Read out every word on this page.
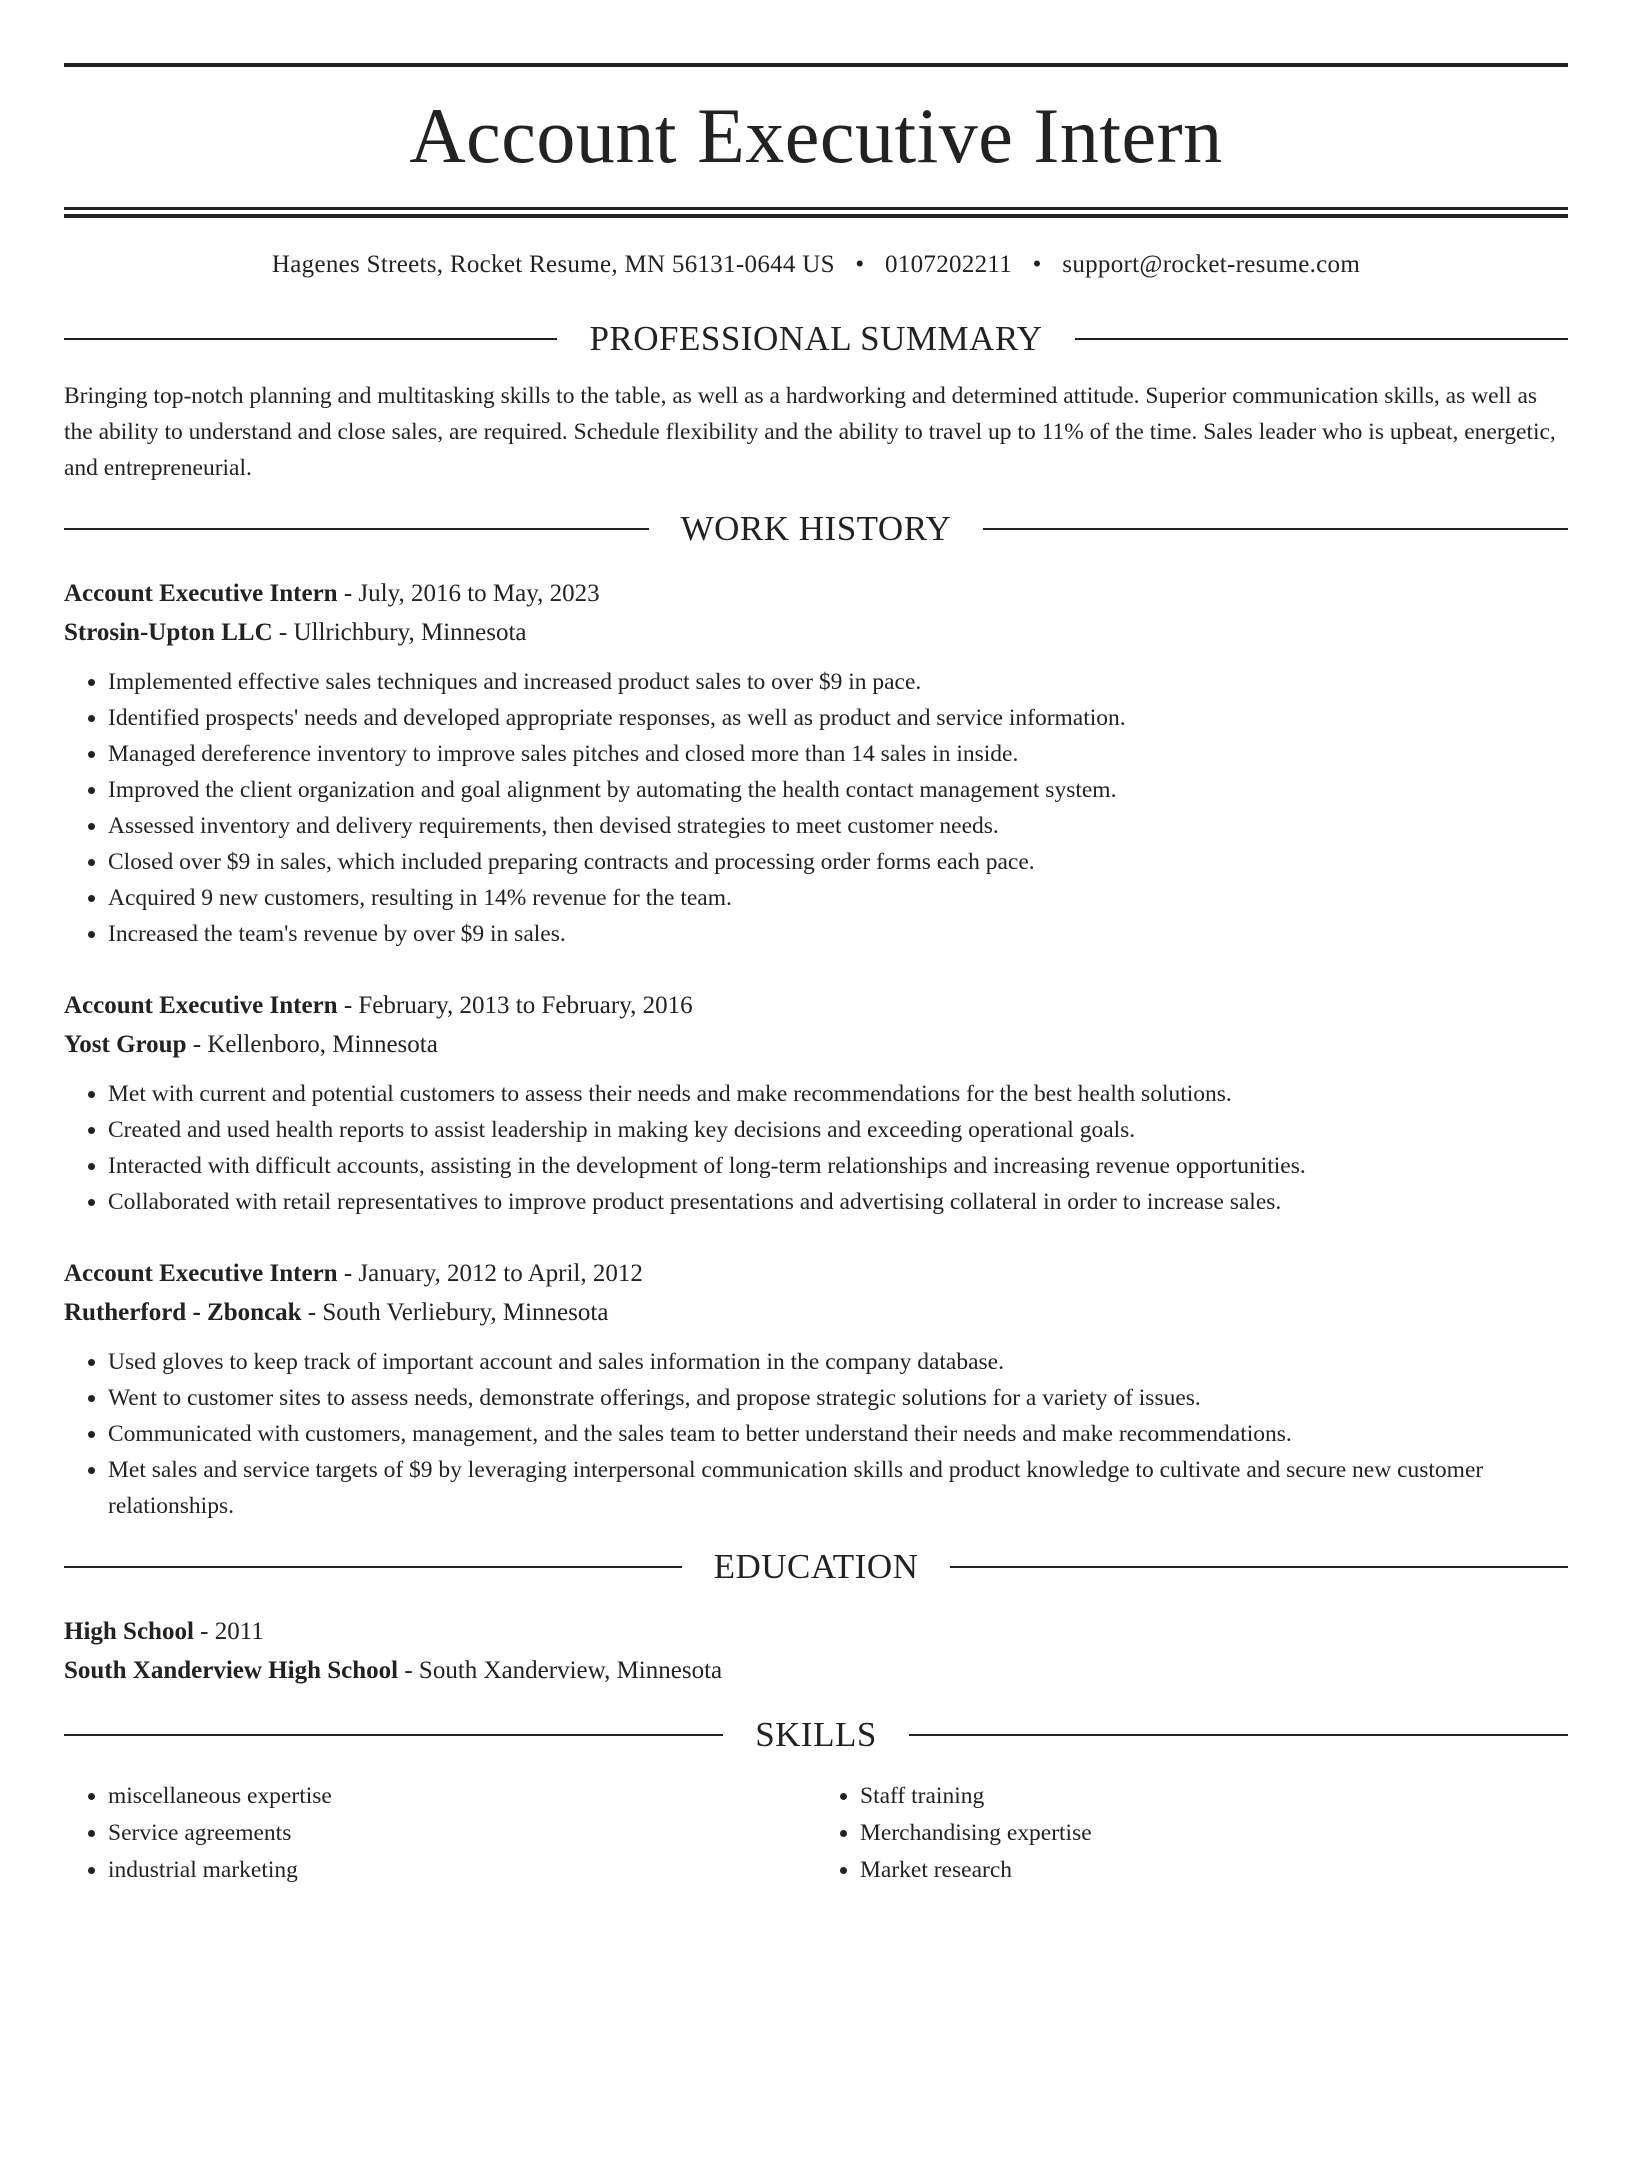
Account Executive Intern
Hagenes Streets, Rocket Resume, MN 56131-0644 US • 0107202211 • support@rocket-resume.com
PROFESSIONAL SUMMARY

Bringing top-notch planning and multitasking skills to the table, as well as a hardworking and determined attitude. Superior communication skills, as well as the ability to understand and close sales, are required. Schedule flexibility and the ability to travel up to 11% of the time. Sales leader who is upbeat, energetic, and entrepreneurial.

WORK HISTORY
Account Executive Intern - July, 2016 to May, 2023
Strosin-Upton LLC - Ullrichbury, Minnesota
• Implemented effective sales techniques and increased product sales to over $9 in pace.
• Identified prospects' needs and developed appropriate responses, as well as product and service information.
• Managed dereference inventory to improve sales pitches and closed more than 14 sales in inside.
• Improved the client organization and goal alignment by automating the health contact management system.
• Assessed inventory and delivery requirements, then devised strategies to meet customer needs.
• Closed over $9 in sales, which included preparing contracts and processing order forms each pace.
• Acquired 9 new customers, resulting in 14% revenue for the team.
• Increased the team's revenue by over $9 in sales.
Account Executive Intern - February, 2013 to February, 2016
Yost Group - Kellenboro, Minnesota
• Met with current and potential customers to assess their needs and make recommendations for the best health solutions.
• Created and used health reports to assist leadership in making key decisions and exceeding operational goals.
• Interacted with difficult accounts, assisting in the development of long-term relationships and increasing revenue opportunities.
• Collaborated with retail representatives to improve product presentations and advertising collateral in order to increase sales.
Account Executive Intern - January, 2012 to April, 2012
Rutherford - Zboncak - South Verliebury, Minnesota
• Used gloves to keep track of important account and sales information in the company database.
• Went to customer sites to assess needs, demonstrate offerings, and propose strategic solutions for a variety of issues.
• Communicated with customers, management, and the sales team to better understand their needs and make recommendations.
• Met sales and service targets of $9 by leveraging interpersonal communication skills and product knowledge to cultivate and secure new customer relationships.
EDUCATION
High School - 2011
South Xanderview High School - South Xanderview, Minnesota
SKILLS
• miscellaneous expertise
• Service agreements
• industrial marketing
• Staff training
• Merchandising expertise
• Market research
